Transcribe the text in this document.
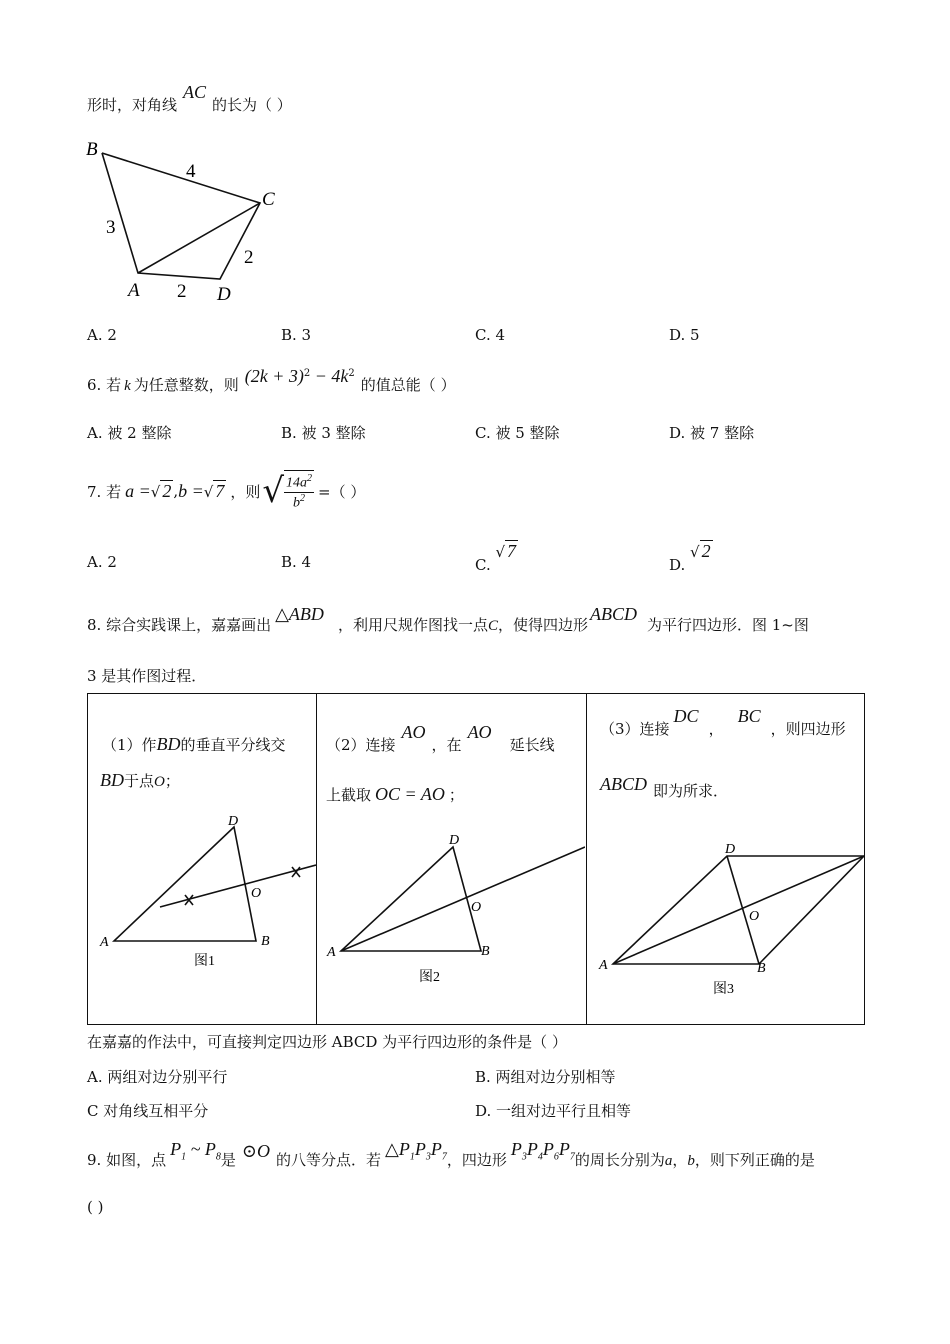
形时，对角线AC的长为（ ）
B
C
A	D
4
3
2
2
A. 2	B. 3	C. 4	D. 5
6. 若 k 为任意整数，则 $(2k + 3)^2 - 4k^2$的值总能（ ）
A. 被 2 整除	B. 被 3 整除	C. 被 5 整除	D. 被 7 整除
7. 若 a = √ 2 , b = √ 7 ，则 √ $\frac{14a^2}{b^2}$ =（ ）
A. 2	B. 4	C. √ 7
D. √ 2
8. 综合实践课上，嘉嘉画出△ABD，利用尺规作图找一点C，使得四边形ABCD为平行四边形．图 1~图
3 是其作图过程．
（1）作BD的垂直平分线交
BD于点O；
（2）连接AO，在AO延长线
上截取 OC = AO ；
（3）连接DC，BC，则四边形
ABCD 即为所求．
D
A	B
O
图1
D
A	B
O
图2
D
A	B
O
图3
在嘉嘉的作法中，可直接判定四边形 ABCD 为平行四边形的条件是（ ）
A. 两组对边分别平行	B. 两组对边分别相等
C 对角线互相平分	D. 一组对边平行且相等
9. 如图，点$P_1$ ~ $P_8$是 ⊙O 的八等分点．若$\triangle P_1P_3P_7$，四边形$P_3P_4P_6P_7$的周长分别为a，b，则下列正确的是
( )
